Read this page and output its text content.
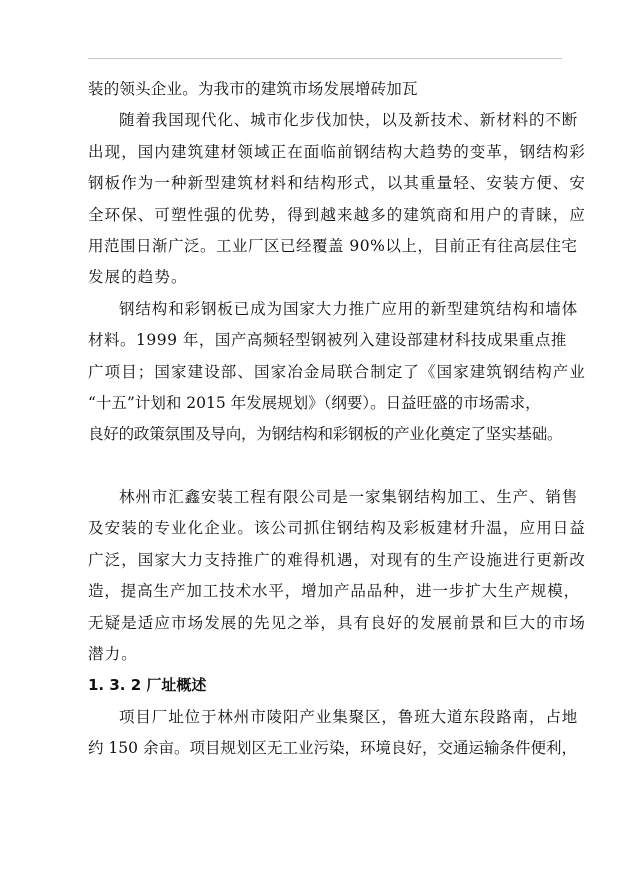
装的领头企业。为我市的建筑市场发展增砖加瓦
随着我国现代化、城市化步伐加快，以及新技术、新材料的不断
出现，国内建筑建材领域正在面临前钢结构大趋势的变革，钢结构彩
钢板作为一种新型建筑材料和结构形式，以其重量轻、安装方便、安
全环保、可塑性强的优势，得到越来越多的建筑商和用户的青睐，应
用范围日渐广泛。工业厂区已经覆盖 90%以上，目前正有往高层住宅
发展的趋势。
钢结构和彩钢板已成为国家大力推广应用的新型建筑结构和墙体
材料。1999 年，国产高频轻型钢被列入建设部建材科技成果重点推
广项目；国家建设部、国家冶金局联合制定了《国家建筑钢结构产业
“十五”计划和 2015 年发展规划》（纲要）。日益旺盛的市场需求，
良好的政策氛围及导向，为钢结构和彩钢板的产业化奠定了坚实基础。
林州市汇鑫安装工程有限公司是一家集钢结构加工、生产、销售
及安装的专业化企业。该公司抓住钢结构及彩板建材升温，应用日益
广泛，国家大力支持推广的难得机遇，对现有的生产设施进行更新改
造，提高生产加工技术水平，增加产品品种，进一步扩大生产规模，
无疑是适应市场发展的先见之举，具有良好的发展前景和巨大的市场
潜力。
1. 3. 2 厂址概述
项目厂址位于林州市陵阳产业集聚区，鲁班大道东段路南，占地
约 150 余亩。项目规划区无工业污染，环境良好，交通运输条件便利，
